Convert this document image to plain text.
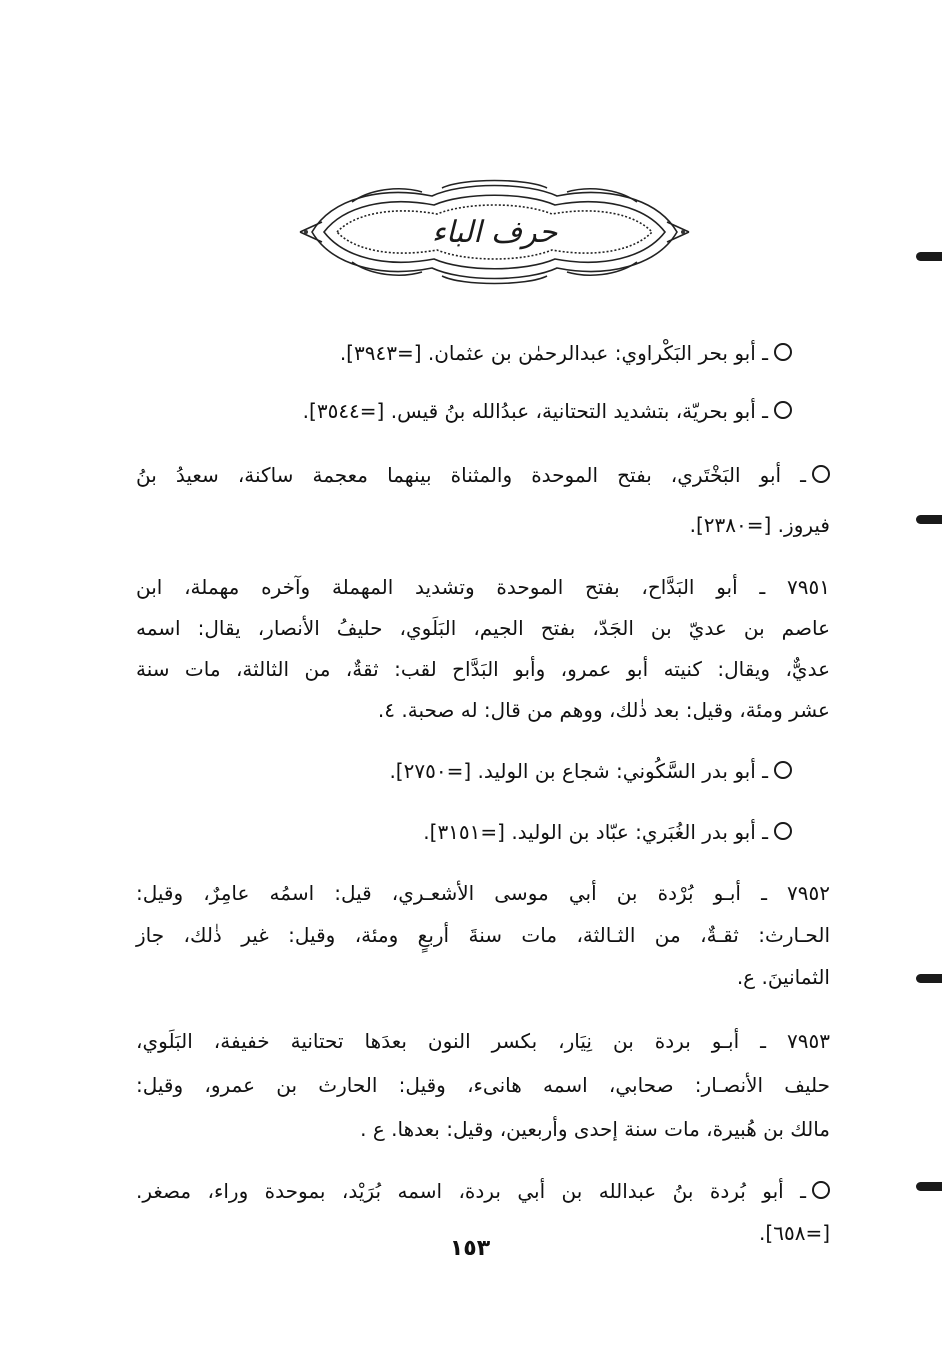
حرف الباء
ـ أبو بحر البَكْراوي: عبدالرحمٰن بن عثمان. [=٣٩٤٣].
ـ أبو بحريّة، بتشديد التحتانية، عبدُالله بنُ قيس. [=٣٥٤٤].
ـ أبو البَخْتَري، بفتح الموحدة والمثناة بينهما معجمة ساكنة، سعيدُ بنُ
فيروز. [=٢٣٨٠].
٧٩٥١ ـ أبو البَدَّاح، بفتح الموحدة وتشديد المهملة وآخره مهملة، ابن
عاصم بن عديّ بن الجَدّ، بفتح الجيم، البَلَوي، حليفُ الأنصار، يقال: اسمه
عديٌّ، ويقال: كنيته أبو عمرو، وأبو البَدَّاح لقب: ثقةٌ، من الثالثة، مات سنة
عشر ومئة، وقيل: بعد ذٰلك، ووهم من قال: له صحبة. ٤.
ـ أبو بدر السَّكُوني: شجاع بن الوليد. [=٢٧٥٠].
ـ أبو بدر الغُبَري: عبّاد بن الوليد. [=٣١٥١].
٧٩٥٢ ـ أبـو بُرْدة بن أبي موسى الأشعـري، قيل: اسمُه عامِرٌ، وقيل:
الحـارث: ثقـةٌ، من الثـالثة، مات سنةَ أربعٍ ومئة، وقيل: غير ذٰلك، جاز
الثمانينَ. ع.
٧٩٥٣ ـ أبـو بردة بن نِيَار، بكسر النون بعدَها تحتانية خفيفة، البَلَوي،
حليف الأنصـار: صحابي، اسمه هانىء، وقيل: الحارث بن عمرو، وقيل:
مالك بن هُبيرة، مات سنة إحدى وأربعين، وقيل: بعدها. ع .
ـ أبو بُردة بنُ عبدالله بن أبي بردة، اسمه بُرَيْد، بموحدة وراء، مصغر.
[=٦٥٨].
١٥٣
